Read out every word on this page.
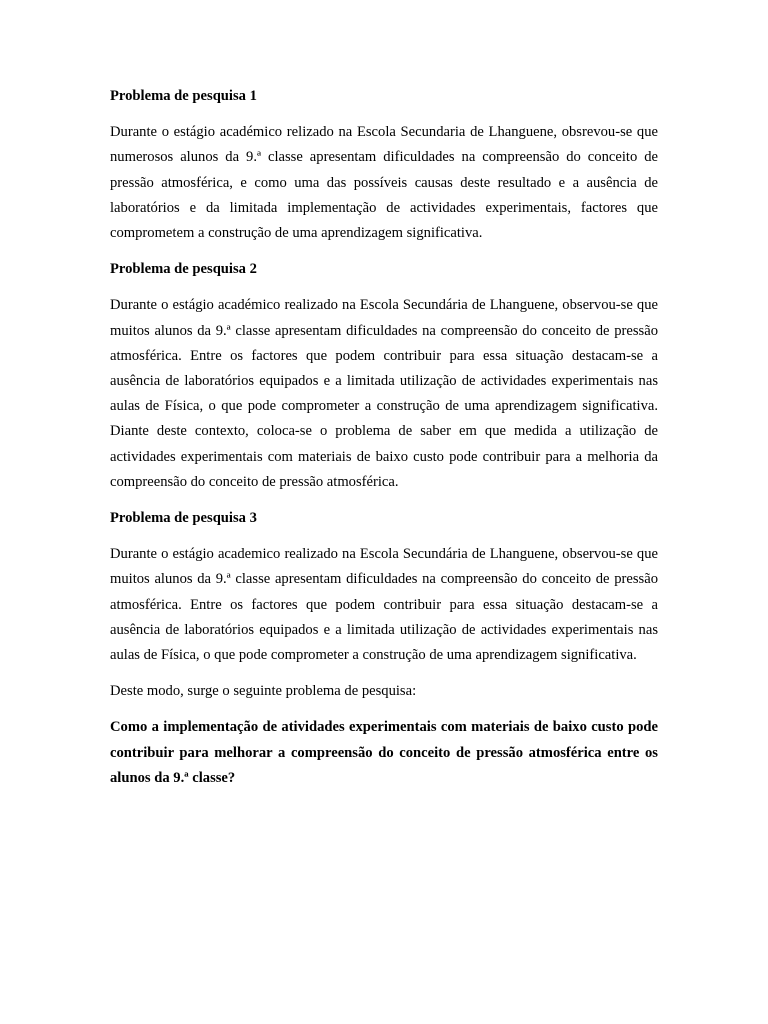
Problema de pesquisa 1

Durante o estágio académico relizado na Escola Secundaria de Lhanguene, obsrevou-se que numerosos alunos da 9.ª classe apresentam dificuldades na compreensão do conceito de pressão atmosférica, e como uma das possíveis causas deste resultado e a ausência de laboratórios e da limitada implementação de actividades experimentais, factores que comprometem a construção de uma aprendizagem significativa.

Problema de pesquisa 2

Durante o estágio académico realizado na Escola Secundária de Lhanguene, observou-se que muitos alunos da 9.ª classe apresentam dificuldades na compreensão do conceito de pressão atmosférica. Entre os factores que podem contribuir para essa situação destacam-se a ausência de laboratórios equipados e a limitada utilização de actividades experimentais nas aulas de Física, o que pode comprometer a construção de uma aprendizagem significativa. Diante deste contexto, coloca-se o problema de saber em que medida a utilização de actividades experimentais com materiais de baixo custo pode contribuir para a melhoria da compreensão do conceito de pressão atmosférica.

Problema de pesquisa 3

Durante o estágio academico realizado na Escola Secundária de Lhanguene, observou-se que muitos alunos da 9.ª classe apresentam dificuldades na compreensão do conceito de pressão atmosférica. Entre os factores que podem contribuir para essa situação destacam-se a ausência de laboratórios equipados e a limitada utilização de actividades experimentais nas aulas de Física, o que pode comprometer a construção de uma aprendizagem significativa.

Deste modo, surge o seguinte problema de pesquisa:

Como a implementação de atividades experimentais com materiais de baixo custo pode contribuir para melhorar a compreensão do conceito de pressão atmosférica entre os alunos da 9.ª classe?
